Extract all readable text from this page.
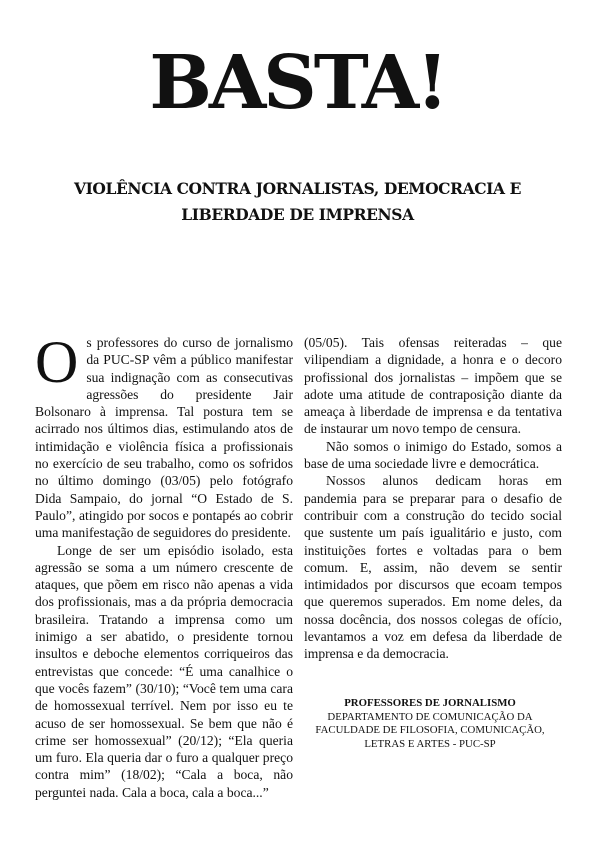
BASTA!
VIOLÊNCIA CONTRA JORNALISTAS, DEMOCRACIA E
LIBERDADE DE IMPRENSA

Os professores do curso de jornalismo da PUC-SP vêm a público manifestar sua indignação com as consecutivas agressões do presidente Jair Bolsonaro à imprensa. Tal postura tem se acirrado nos últimos dias, estimulando atos de intimidação e violência física a profissionais no exercício de seu trabalho, como os sofridos no último domingo (03/05) pelo fotógrafo Dida Sampaio, do jornal “O Estado de S. Paulo”, atingido por socos e pontapés ao cobrir uma manifestação de seguidores do presidente.

Longe de ser um episódio isolado, esta agressão se soma a um número crescente de ataques, que põem em risco não apenas a vida dos profissionais, mas a da própria democracia brasileira. Tratando a imprensa como um inimigo a ser abatido, o presidente tornou insultos e deboche elementos corriqueiros das entrevistas que concede: “É uma canalhice o que vocês fazem” (30/10); “Você tem uma cara de homossexual terrível. Nem por isso eu te acuso de ser homossexual. Se bem que não é crime ser homossexual” (20/12); “Ela queria um furo. Ela queria dar o furo a qualquer preço contra mim” (18/02); “Cala a boca, não perguntei nada. Cala a boca, cala a boca...”

(05/05). Tais ofensas reiteradas – que vilipendiam a dignidade, a honra e o decoro profissional dos jornalistas – impõem que se adote uma atitude de contraposição diante da ameaça à liberdade de imprensa e da tentativa de instaurar um novo tempo de censura.

Não somos o inimigo do Estado, somos a base de uma sociedade livre e democrática.

Nossos alunos dedicam horas em pandemia para se preparar para o desafio de contribuir com a construção do tecido social que sustente um país igualitário e justo, com instituições fortes e voltadas para o bem comum. E, assim, não devem se sentir intimidados por discursos que ecoam tempos que queremos superados. Em nome deles, da nossa docência, dos nossos colegas de ofício, levantamos a voz em defesa da liberdade de imprensa e da democracia.

PROFESSORES DE JORNALISMO
DEPARTAMENTO DE COMUNICAÇÃO DA
FACULDADE DE FILOSOFIA, COMUNICAÇÃO,
LETRAS E ARTES - PUC-SP
